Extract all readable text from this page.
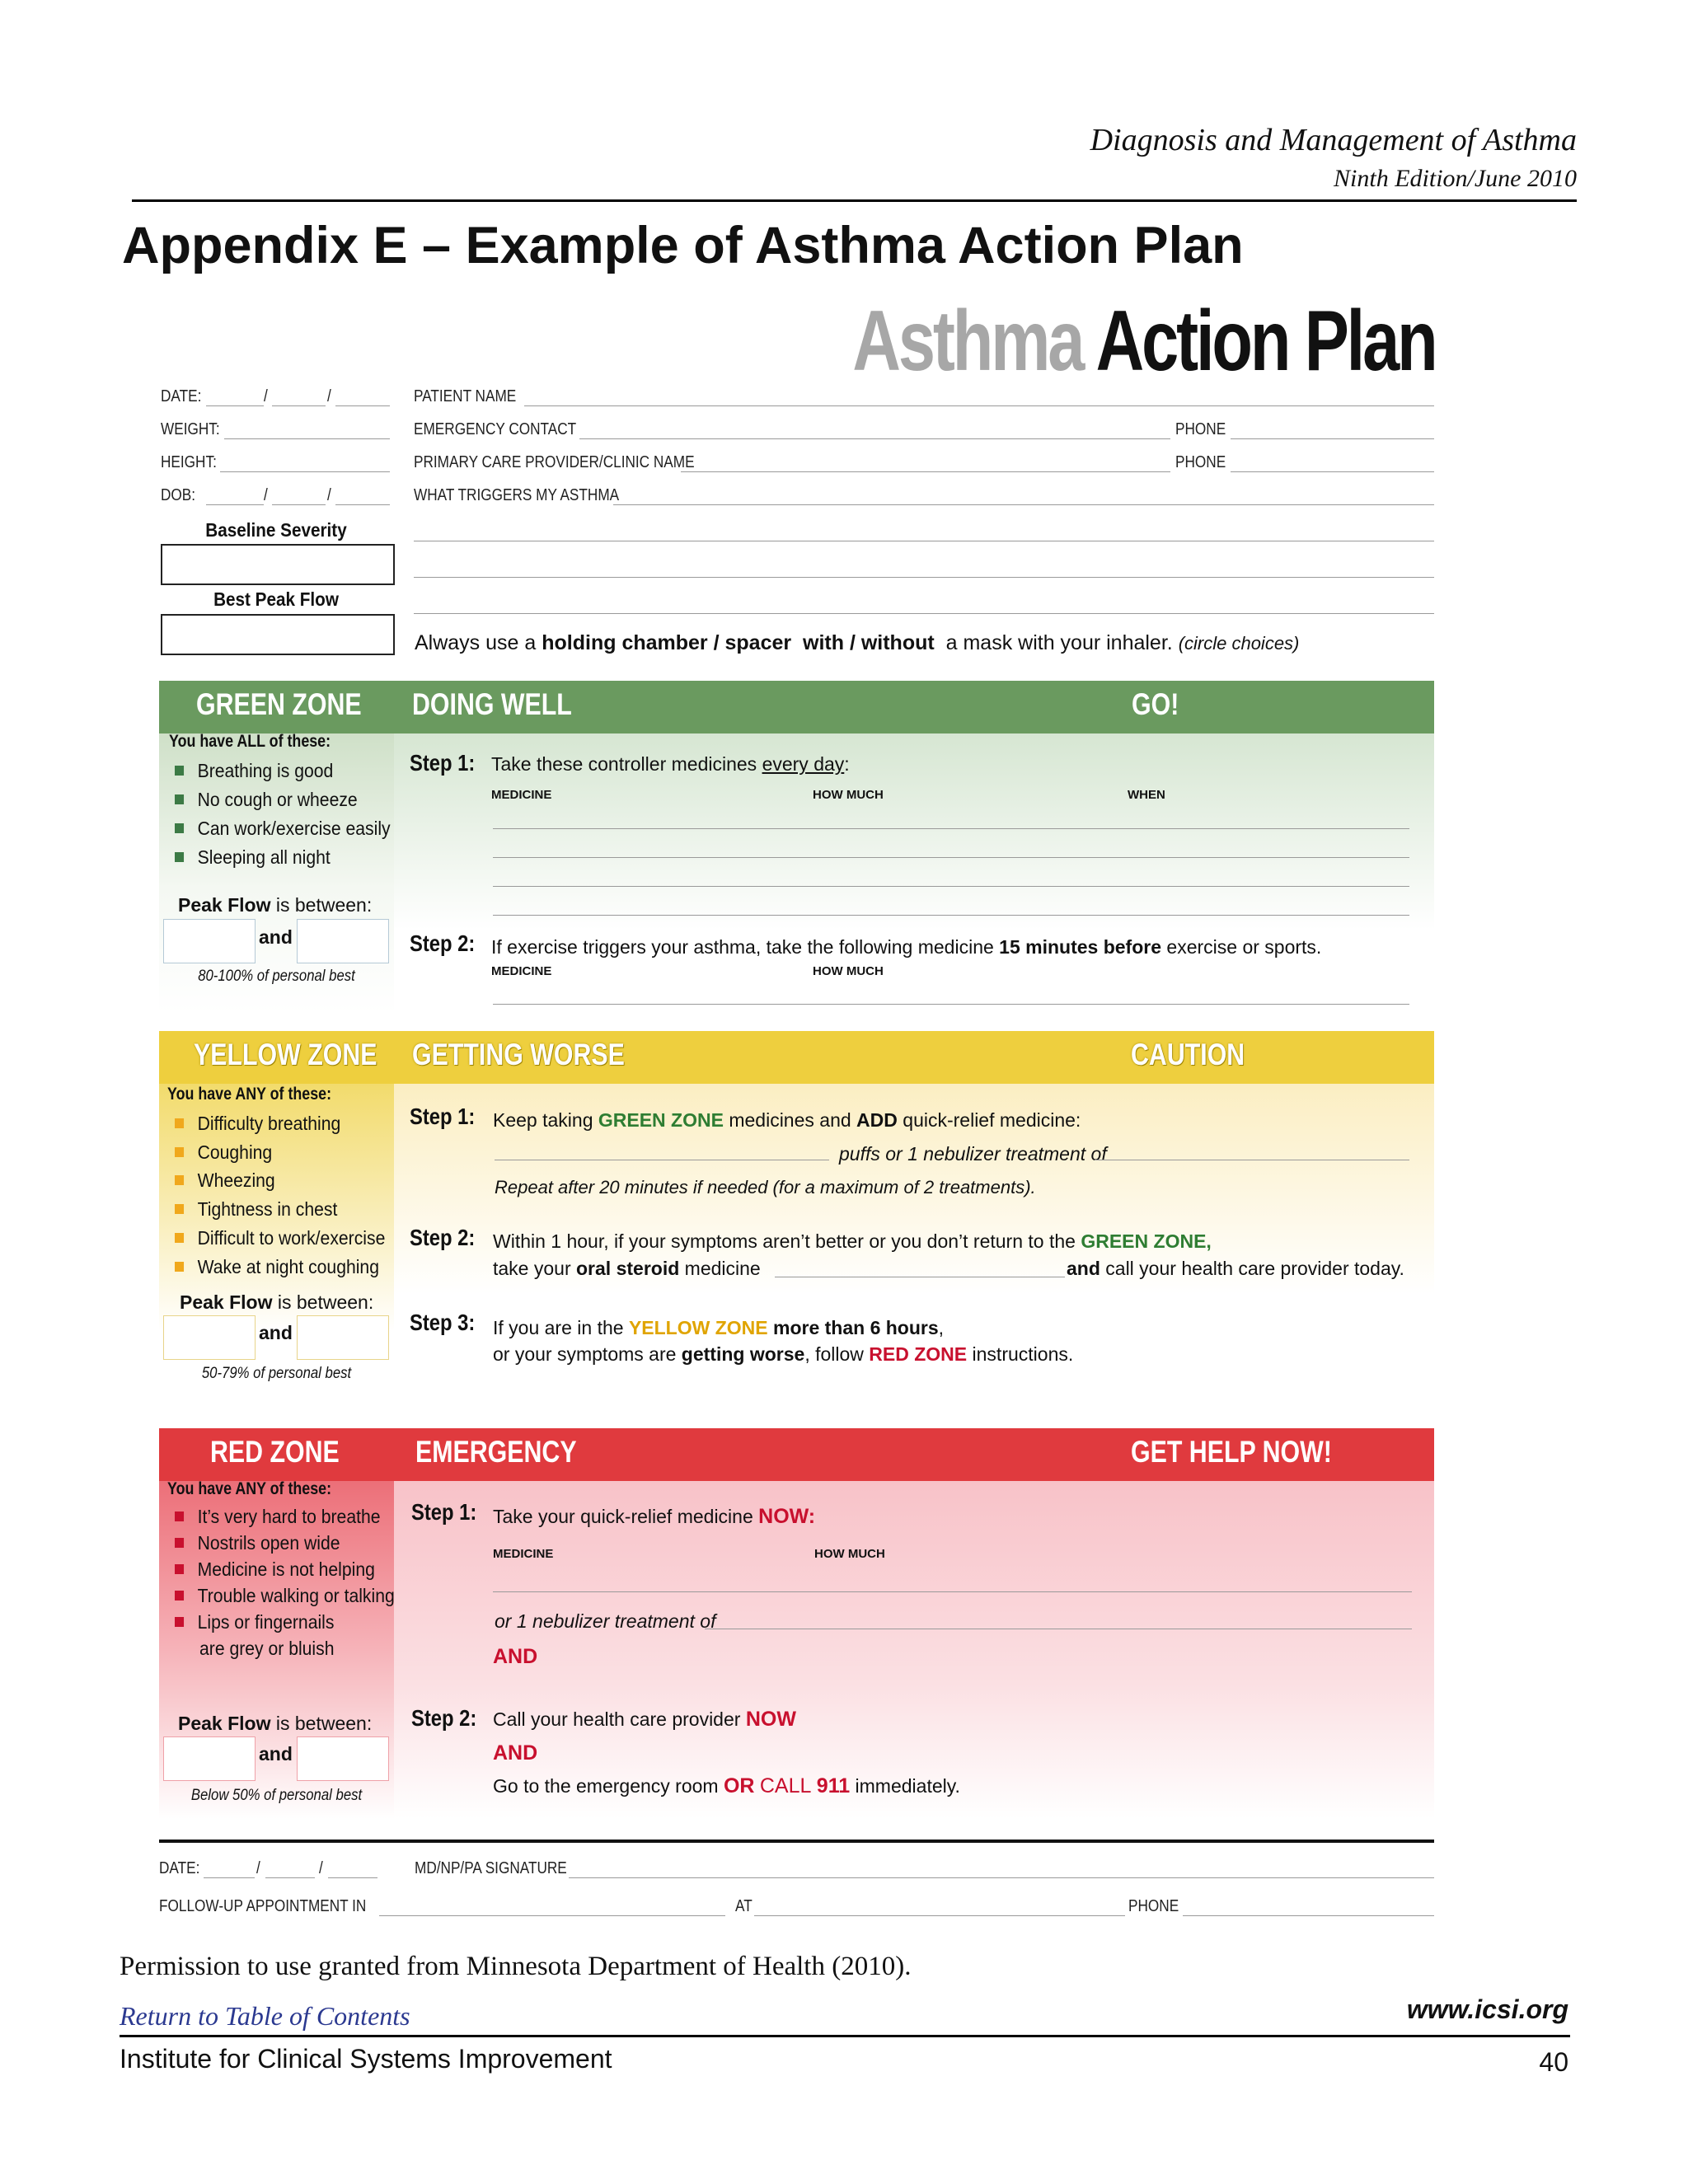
Diagnosis and Management of Asthma
Ninth Edition/June 2010
Appendix E – Example of Asthma Action Plan
Asthma Action Plan
DATE:	/	/
WEIGHT:
HEIGHT:
DOB:	/	/
Baseline Severity
Best Peak Flow
PATIENT NAME
EMERGENCY CONTACT	PHONE
PRIMARY CARE PROVIDER/CLINIC NAME	PHONE
WHAT TRIGGERS MY ASTHMA
Always use a holding chamber / spacer with / without a mask with your inhaler. (circle choices)
GREEN ZONE DOING WELL	GO!
You have ALL of these:
Breathing is good
No cough or wheeze
Can work/exercise easily
Sleeping all night
Peak Flow is between:
and
80-100% of personal best
Step 1: Take these controller medicines every day:
MEDICINE	HOW MUCH	WHEN
Step 2: If exercise triggers your asthma, take the following medicine 15 minutes before exercise or sports.
MEDICINE	HOW MUCH
YELLOW ZONE GETTING WORSE	CAUTION
You have ANY of these:
Difficulty breathing
Coughing
Wheezing
Tightness in chest
Difficult to work/exercise
Wake at night coughing
Peak Flow is between:
and
50-79% of personal best
Step 1: Keep taking GREEN ZONE medicines and ADD quick-relief medicine:
puffs or 1 nebulizer treatment of
Repeat after 20 minutes if needed (for a maximum of 2 treatments).
Step 2: Within 1 hour, if your symptoms aren’t better or you don’t return to the GREEN ZONE,
take your oral steroid medicine	and call your health care provider today.
Step 3: If you are in the YELLOW ZONE more than 6 hours,
or your symptoms are getting worse, follow RED ZONE instructions.
RED ZONE EMERGENCY	GET HELP NOW!
You have ANY of these:
It’s very hard to breathe
Nostrils open wide
Medicine is not helping
Trouble walking or talking
Lips or fingernails
are grey or bluish
Peak Flow is between:
and
Below 50% of personal best
Step 1: Take your quick-relief medicine NOW:
MEDICINE	HOW MUCH
or 1 nebulizer treatment of
AND
Step 2: Call your health care provider NOW
AND
Go to the emergency room OR CALL 911 immediately.
DATE:	/	/	MD/NP/PA SIGNATURE
FOLLOW-UP APPOINTMENT IN	AT	PHONE
Permission to use granted from Minnesota Department of Health (2010).
Return to Table of Contents	www.icsi.org
Institute for Clinical Systems Improvement	40
